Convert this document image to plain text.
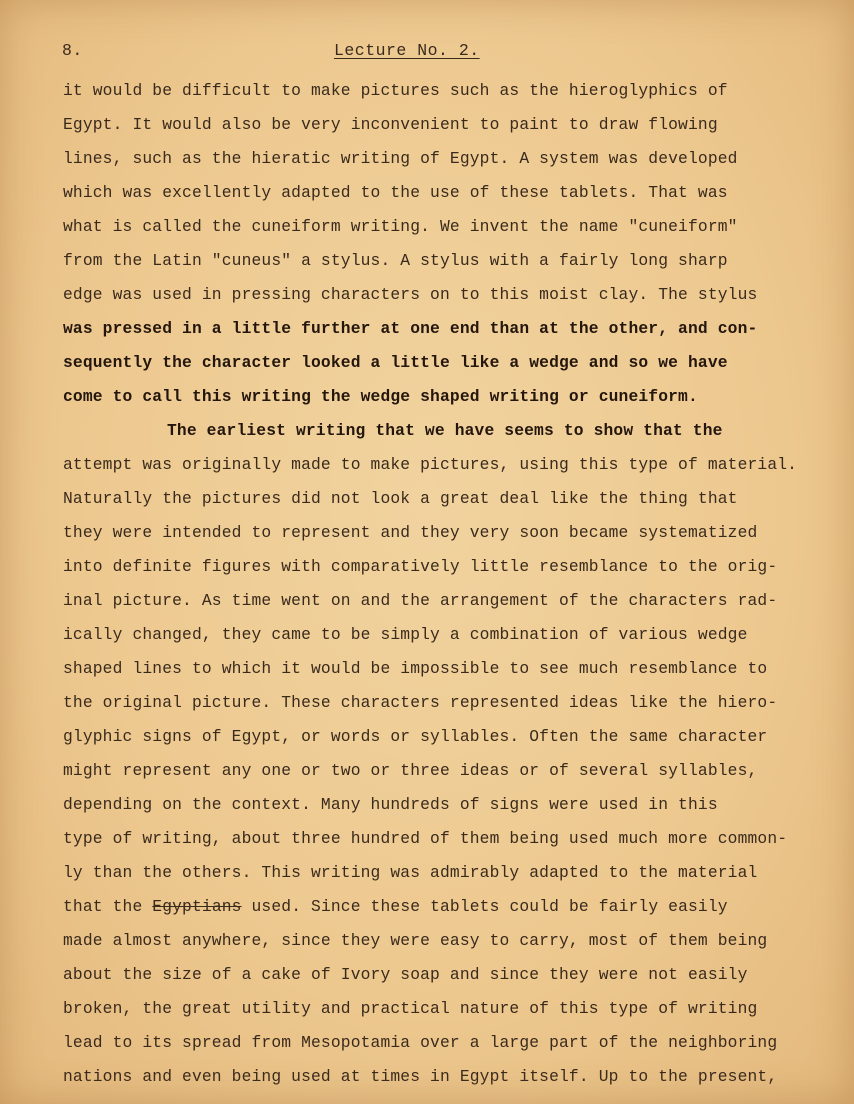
8.	Lecture No. 2.
it would be difficult to make pictures such as the hieroglyphics of
Egypt. It would also be very inconvenient to paint to draw flowing
lines, such as the hieratic writing of Egypt. A system was developed
which was excellently adapted to the use of these tablets. That was
what is called the cuneiform writing. We invent the name "cuneiform"
from the Latin "cuneus" a stylus. A stylus with a fairly long sharp
edge was used in pressing characters on to this moist clay. The stylus
was pressed in a little further at one end than at the other, and con-
sequently the character looked a little like a wedge and so we have
come to call this writing the wedge shaped writing or cuneiform.
The earliest writing that we have seems to show that the
attempt was originally made to make pictures, using this type of material.
Naturally the pictures did not look a great deal like the thing that
they were intended to represent and they very soon became systematized
into definite figures with comparatively little resemblance to the orig-
inal picture. As time went on and the arrangement of the characters rad-
ically changed, they came to be simply a combination of various wedge
shaped lines to which it would be impossible to see much resemblance to
the original picture. These characters represented ideas like the hiero-
glyphic signs of Egypt, or words or syllables. Often the same character
might represent any one or two or three ideas or of several syllables,
depending on the context. Many hundreds of signs were used in this
type of writing, about three hundred of them being used much more common-
ly than the others. This writing was admirably adapted to the material
that the Egyptians used. Since these tablets could be fairly easily
made almost anywhere, since they were easy to carry, most of them being
about the size of a cake of Ivory soap and since they were not easily
broken, the great utility and practical nature of this type of writing
lead to its spread from Mesopotamia over a large part of the neighboring
nations and even being used at times in Egypt itself. Up to the present,
